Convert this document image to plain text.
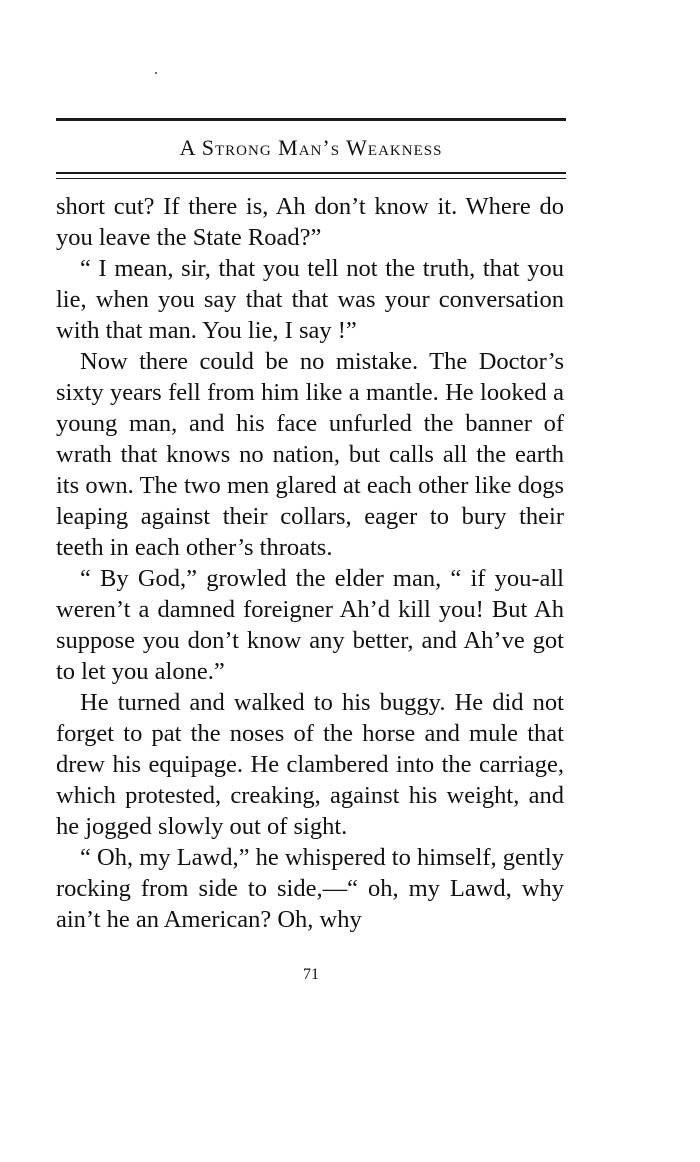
A Strong Man’s Weakness

short cut? If there is, Ah don’t know it. Where do you leave the State Road?”

“ I mean, sir, that you tell not the truth, that you lie, when you say that that was your conversation with that man. You lie, I say !”

Now there could be no mistake. The Doctor’s sixty years fell from him like a mantle. He looked a young man, and his face unfurled the banner of wrath that knows no nation, but calls all the earth its own. The two men glared at each other like dogs leaping against their collars, eager to bury their teeth in each other’s throats.

“ By God,” growled the elder man, “ if you-all weren’t a damned foreigner Ah’d kill you! But Ah suppose you don’t know any better, and Ah’ve got to let you alone.”

He turned and walked to his buggy. He did not forget to pat the noses of the horse and mule that drew his equipage. He clambered into the carriage, which protested, creaking, against his weight, and he jogged slowly out of sight.

“ Oh, my Lawd,” he whispered to himself, gently rocking from side to side,—“ oh, my Lawd, why ain’t he an American? Oh, why

71
